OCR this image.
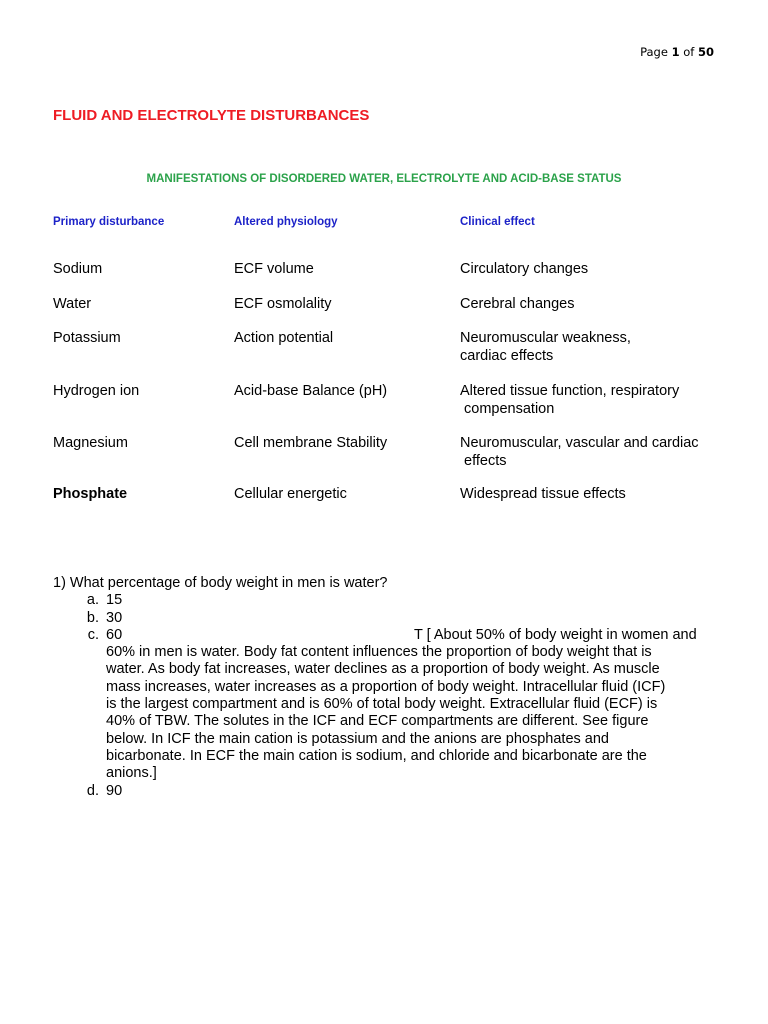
Page 1 of 50
FLUID AND ELECTROLYTE DISTURBANCES
MANIFESTATIONS OF DISORDERED WATER, ELECTROLYTE AND ACID-BASE STATUS
Primary disturbance	Altered physiology	Clinical effect
Sodium	ECF volume	Circulatory changes
Water	ECF osmolality	Cerebral changes
Potassium	Action potential	Neuromuscular weakness,
cardiac effects
Hydrogen ion	Acid-base Balance (pH)	Altered tissue function, respiratory
compensation
Magnesium	Cell membrane Stability	Neuromuscular, vascular and cardiac
effects
Phosphate	Cellular energetic	Widespread tissue effects
1) What percentage of body weight in men is water?
a. 15
b. 30
c. 60	T [ About 50% of body weight in women and
60% in men is water. Body fat content influences the proportion of body weight that is
water. As body fat increases, water declines as a proportion of body weight. As muscle
mass increases, water increases as a proportion of body weight. Intracellular fluid (ICF)
is the largest compartment and is 60% of total body weight. Extracellular fluid (ECF) is
40% of TBW. The solutes in the ICF and ECF compartments are different. See figure
below. In ICF the main cation is potassium and the anions are phosphates and
bicarbonate. In ECF the main cation is sodium, and chloride and bicarbonate are the
anions.]
d. 90
